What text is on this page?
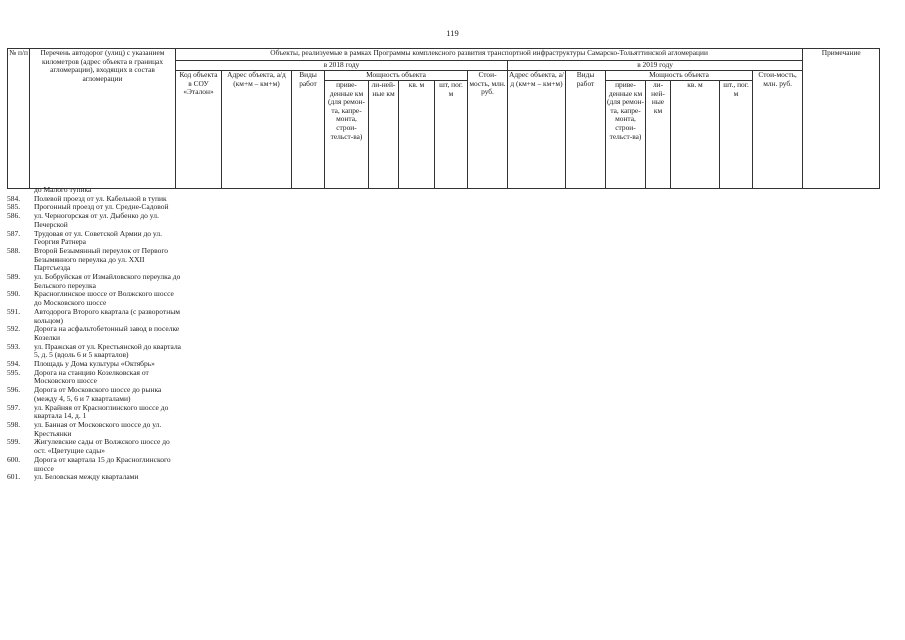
119
№ п/п	Перечень автодорог (улиц) с указанием километров (адрес объекта в границах агломерации), входящих в состав агломерации	Объекты, реализуемые в рамках Программы комплексного развития транспортной инфраструктуры Самарско-Тольяттинской агломерации															Примечание
		в 2018 году								в 2019 году							
		Код объекта в СОУ «Эталон»	Адрес объекта, а/д (км+м – км+м)	Виды работ	Мощность объекта				Стои-мость, млн. руб.	Адрес объекта, а/д (км+м – км+м)	Виды работ	Мощность объекта				Стои-мость, млн. руб.	
					приве-денные км (для ремон-та, капре-монта, строи-тельст-ва)	ли-ней-ные км	кв. м	шт, пог. м				приве-денные км (для ремон-та, капре-монта, строи-тельст-ва)	ли-ней-ные км	кв. м	шт., пог. м		
до Малого тупика
584.	Полевой проезд от ул. Кабельной в тупик
585.	Прогонный проезд от ул. Средне-Садовой
586.	ул. Черногорская от ул. Дыбенко до ул. Печерской
587.	Трудовая от ул. Советской Армии до ул. Георгия Ратнера
588.	Второй Безымянный переулок от Первого Безымянного переулка до ул. XXII Партсъезда
589.	ул. Бобруйская от Измайловского переулка до Бельского переулка
590.	Красноглинское шоссе от Волжского шоссе до Московского шоссе
591.	Автодорога Второго квартала (с разворотным кольцом)
592.	Дорога на асфальтобетонный завод в поселке Козелки
593.	ул. Пражская от ул. Крестьянской до квартала 5, д. 5 (вдоль 6 и 5 кварталов)
594.	Площадь у Дома культуры «Октябрь»
595.	Дорога на станцию Козелковская от Московского шоссе
596.	Дорога от Московского шоссе до рынка (между 4, 5, 6 и 7 кварталами)
597.	ул. Крайняя от Красноглинского шоссе до квартала 14, д. 1
598.	ул. Банная от Московского шоссе до ул. Крестьянки
599.	Жигулевские сады от Волжского шоссе до ост. «Цветущие сады»
600.	Дорога от квартала 15 до Красноглинского шоссе
601.	ул. Беловская между кварталами
